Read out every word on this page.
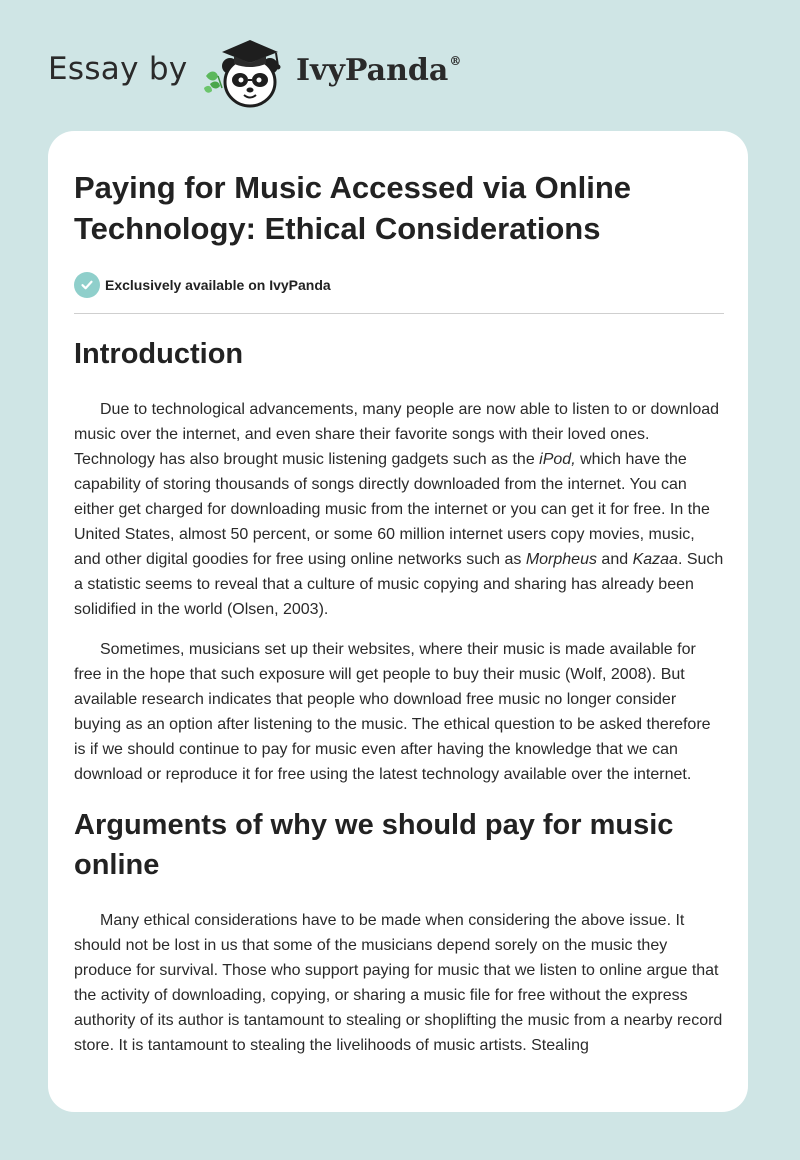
Essay by	IvyPanda®
Paying for Music Accessed via Online Technology: Ethical Considerations
Exclusively available on IvyPanda
Introduction

Due to technological advancements, many people are now able to listen to or download music over the internet, and even share their favorite songs with their loved ones. Technology has also brought music listening gadgets such as the iPod, which have the capability of storing thousands of songs directly downloaded from the internet. You can either get charged for downloading music from the internet or you can get it for free. In the United States, almost 50 percent, or some 60 million internet users copy movies, music, and other digital goodies for free using online networks such as Morpheus and Kazaa. Such a statistic seems to reveal that a culture of music copying and sharing has already been solidified in the world (Olsen, 2003).

Sometimes, musicians set up their websites, where their music is made available for free in the hope that such exposure will get people to buy their music (Wolf, 2008). But available research indicates that people who download free music no longer consider buying as an option after listening to the music. The ethical question to be asked therefore is if we should continue to pay for music even after having the knowledge that we can download or reproduce it for free using the latest technology available over the internet.

Arguments of why we should pay for music online

Many ethical considerations have to be made when considering the above issue. It should not be lost in us that some of the musicians depend sorely on the music they produce for survival. Those who support paying for music that we listen to online argue that the activity of downloading, copying, or sharing a music file for free without the express authority of its author is tantamount to stealing or shoplifting the music from a nearby record store. It is tantamount to stealing the livelihoods of music artists. Stealing
